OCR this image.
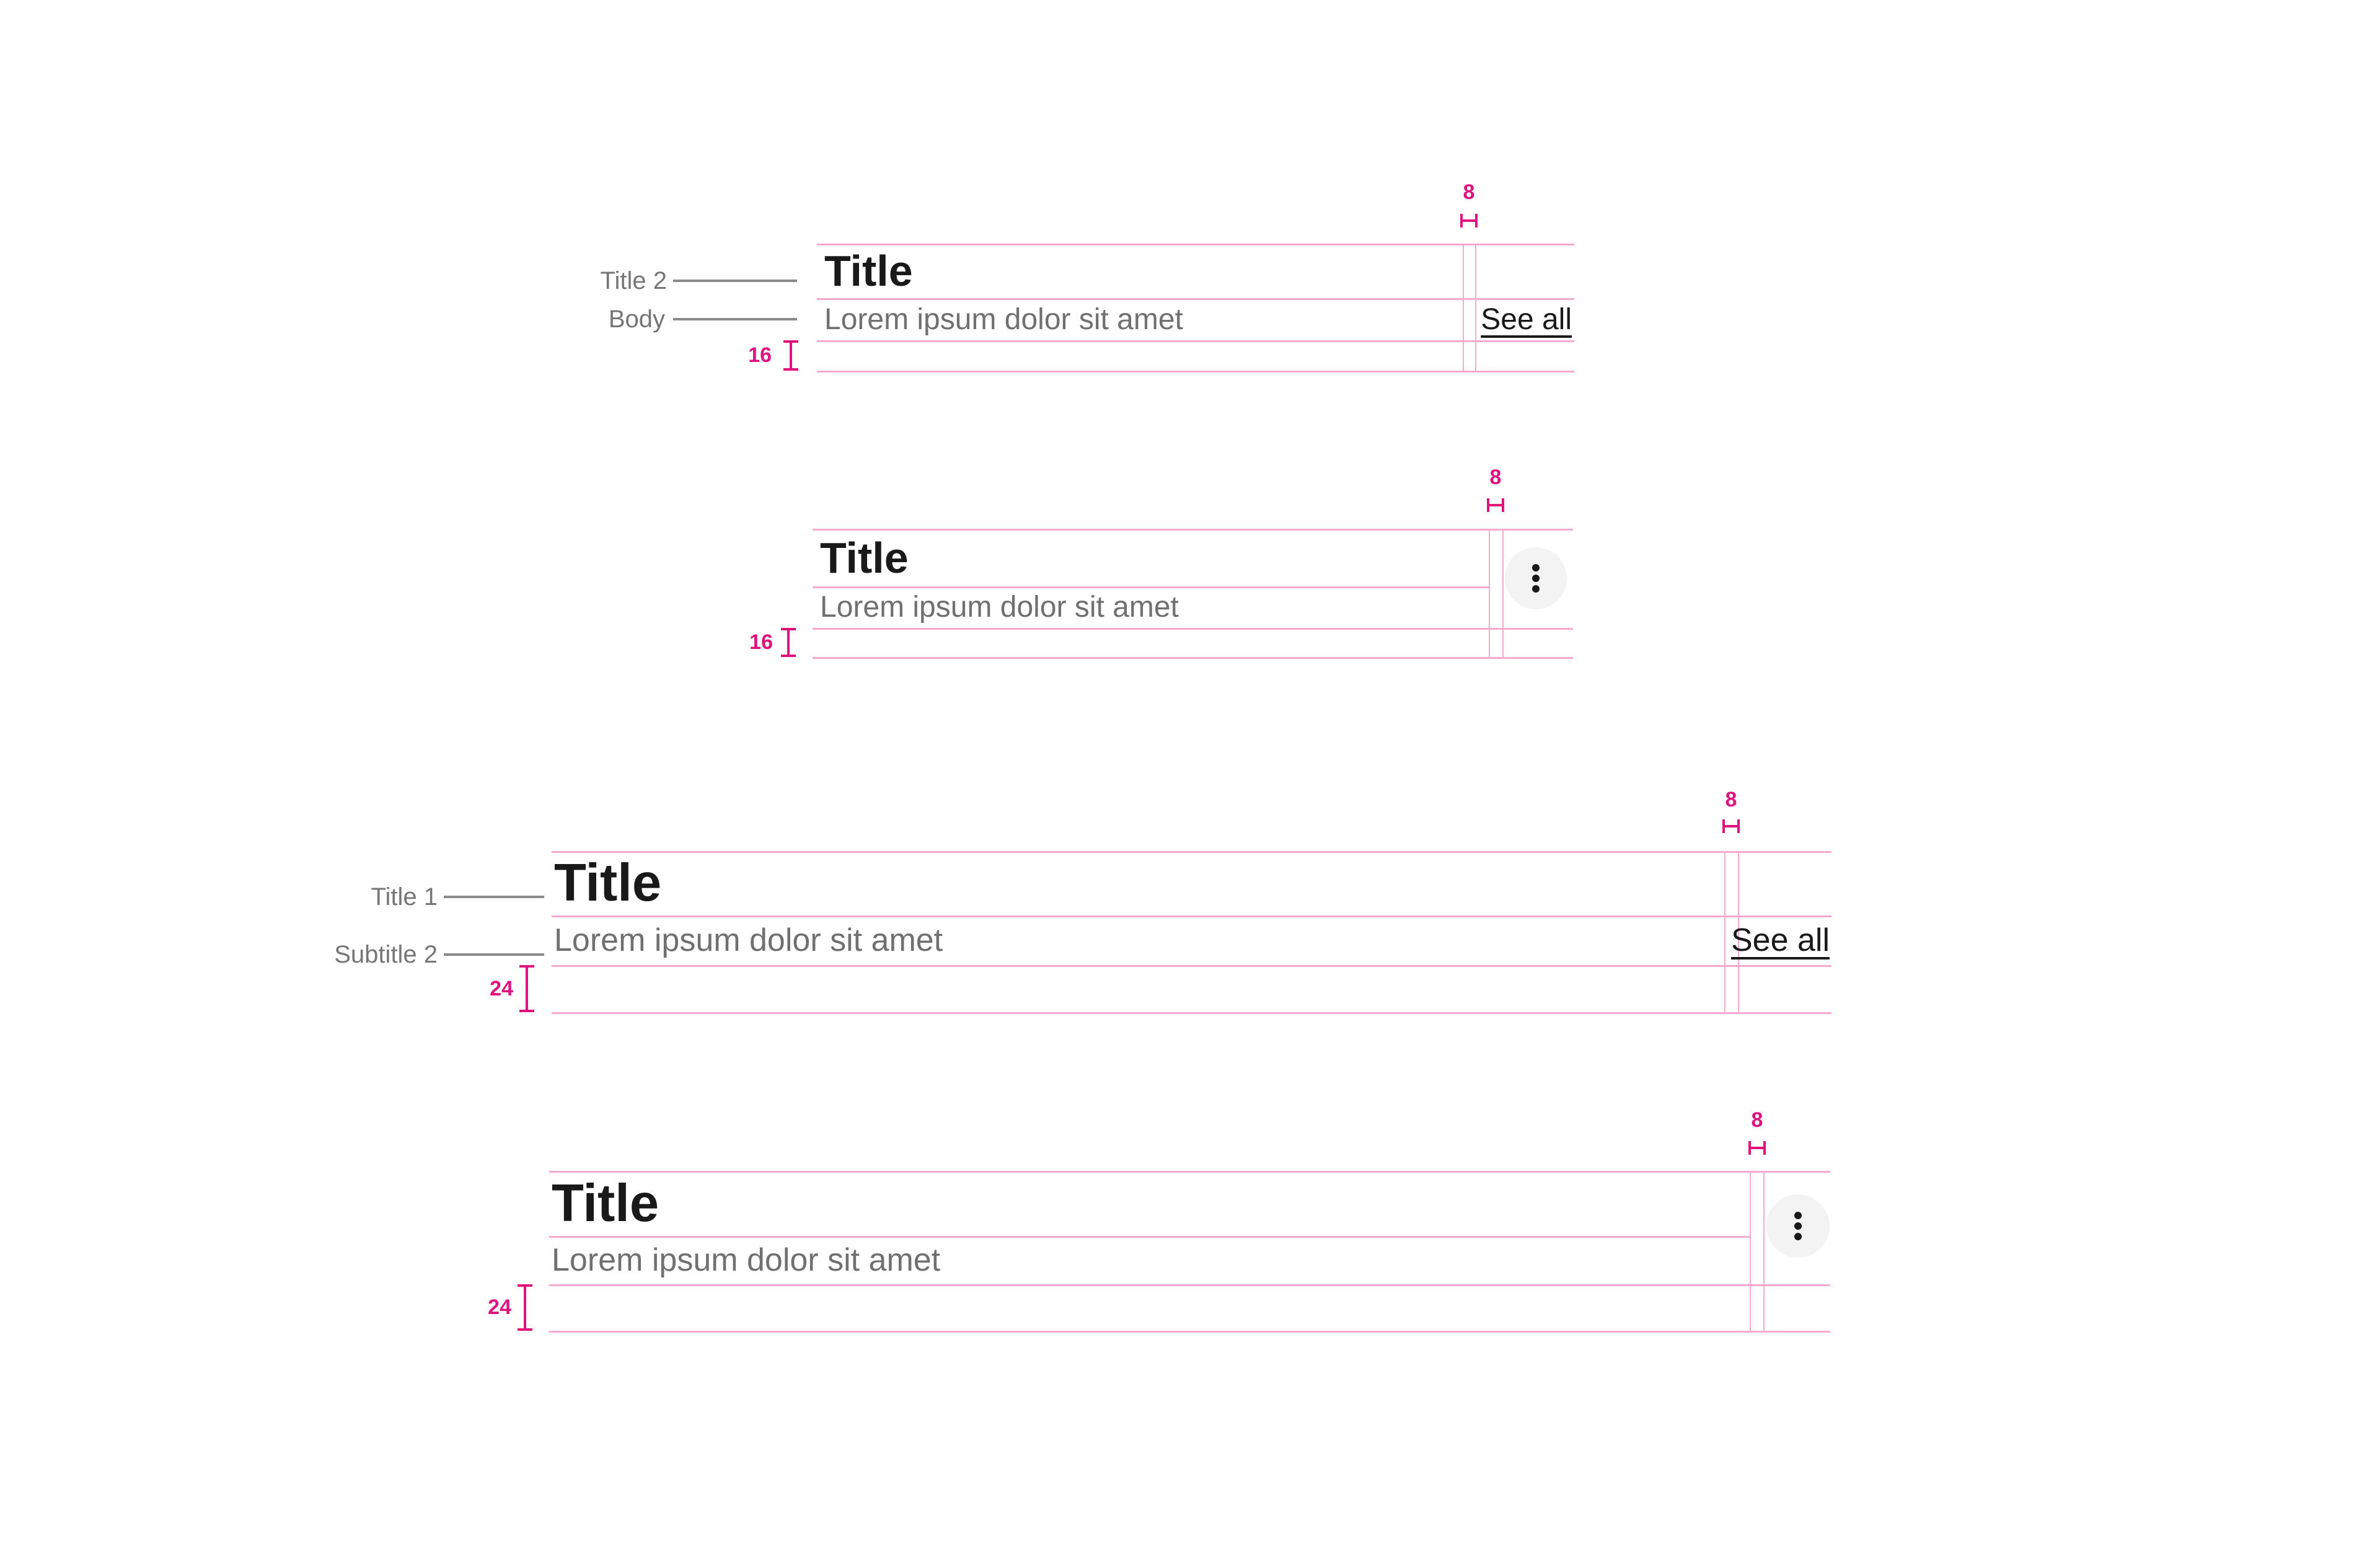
8
Title
Lorem ipsum dolor sit amet	See all
16
Title 2
Body
8
Title
Lorem ipsum dolor sit amet
16
8
Title
Lorem ipsum dolor sit amet	See all
24
Title 1
Subtitle 2
8
Title
Lorem ipsum dolor sit amet
24
